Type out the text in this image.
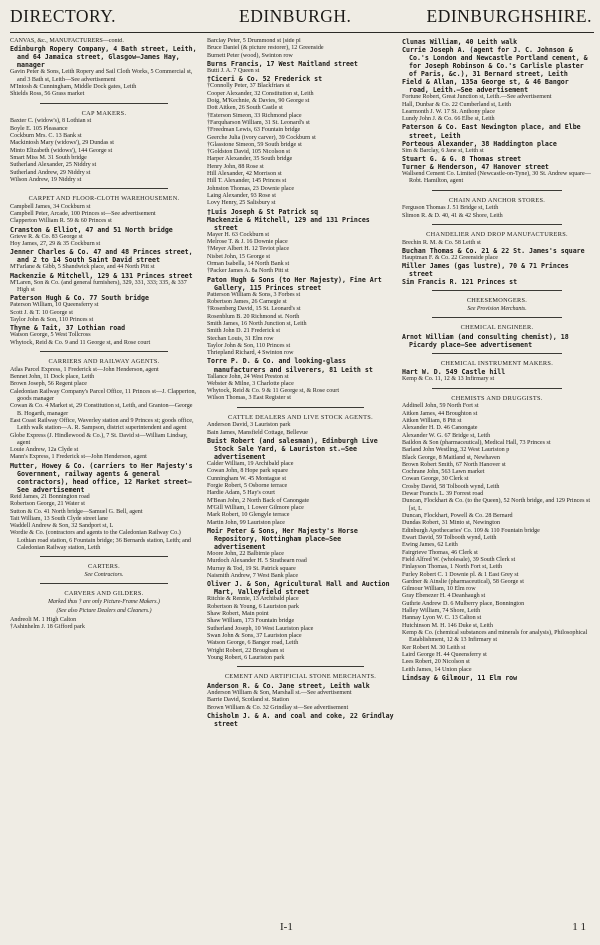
DIRECTORY.	EDINBURGH.	EDINBURGHSHIRE.
CANVAS, &c., MANUFACTURERS—contd.
Edinburgh Ropery Company, 4 Bath street, Leith, and 64 Jamaica street, Glasgow—James Hay, manager
Gavin Peter & Sons, Leith Ropery and Sail Cloth Works, 5 Commercial st, and 3 Bath st, Leith—See advertisement
M'Intosh & Cunningham, Middle Dock gates, Leith
Shields Ross, 56 Grass market
CAP MAKERS.
Baxter C. (widow's), 8 Lothian st
Boyle E. 105 Pleasance
Cockburn Mrs. C. 13 Bank st
Mackintosh Mary (widows'), 29 Dundas st
Minto Elizabeth (widows'), 144 George st
Smart Miss M. 31 South bridge
Sutherland Alexander, 25 Niddry st
Sutherland Andrew, 29 Niddry st
Wilson Andrew, 19 Niddry st
CARPET AND FLOOR-CLOTH WAREHOUSEMEN.
Campbell James, 34 Cockburn st
Campbell Peter, Arcade, 100 Princes st—See advertisement
Clapperton William R. 59 & 60 Princes st
Cranston & Elliot, 47 and 51 North bridge
Grieve R. & Co. 83 George st
Hoy James, 27, 29 & 35 Cockburn st
Jenner Charles & Co. 47 and 48 Princes street, and 2 to 14 South Saint David street
M'Farlane & Gibb, 5 Shandwick place, and 44 North Pitt st
Mackenzie & Mitchell, 129 & 131 Princes street
M'Laren, Son & Co. (and general furnishers), 329, 331, 333; 335, & 337 High st
Paterson Hugh & Co. 77 South bridge
Paterson William, 10 Queensferry st
Scott J. & T. 10 George st
Taylor John & Son, 110 Princes st
Thyne & Tait, 37 Lothian road
Watson George, 5 West Tollcross
Whytock, Reid & Co. 9 and 11 George st, and Rose court
CARRIERS AND RAILWAY AGENTS.
Atlas Parcel Express, 1 Frederick st—John Henderson, agent
Bennet John, 11 Dock place, Leith
Brown Joseph, 56 Regent place
Caledonian Railway Company's Parcel Office, 11 Princes st—J. Clapperton, goods manager
Cowan & Co. 4 Market st, 29 Constitution st, Leith, and Granton—George B. Hogarth, manager
East Coast Railway Office, Waverley station and 9 Princes st; goods office, Leith walk station—A. R. Sampson, district superintendent and agent
Globe Express (J. Hindlewood & Co.), 7 St. David st—William Lindsay, agent
Louie Andrew, 12a Clyde st
Mann's Express, 1 Frederick st—John Henderson, agent
Mutter, Howey & Co. (carriers to Her Majesty's Government, railway agents & general contractors), head office, 12 Market street—See advertisement
Reid James, 21 Bonnington road
Robertson George, 21 Water st
Sutton & Co. 41 North bridge—Samuel G. Bell, agent
Tait William, 13 South Clyde street lane
Waddell Andrew & Son, 32 Sandport st, L
Wordie & Co. (contractors and agents to the Caledonian Railway Co.) Lothian road station, 6 Fountain bridge; 36 Bernards station, Leith; and Caledonian Railway station, Leith
CARTERS.
See Contractors.
CARVERS AND GILDERS.
Marked thus † are only Picture-Frame Makers.)
(See also Picture Dealers and Cleaners.)
Andreoli M. 1 High Calton
†Ashinhelm J. 18 Gifford park
Barclay Peter, 5 Drummond st [side pl
Bruce Daniel (& picture restorer), 12 Greenside
Burnett Peter (wood), Swinton row
Burns Francis, 17 West Maitland street
Butti J. A. 7 Queen st
†Ciceri & Co. 52 Frederick st
†Connolly Peter, 37 Blackfriars st
Cooper Alexander, 32 Constitution st, Leith
Doig, M'Kechnie, & Davies, 90 George st
Dott Aitken, 26 South Castle st
†Esterson Simeon, 33 Richmond place
†Farquharson William, 31 St. Leonard's st
†Freedman Lewis, 63 Fountain bridge
Geerche Julia (ivory carver), 39 Cockburn st
†Glasstone Simeon, 59 South bridge st
†Goldston David, 105 Nicolson st
Harper Alexander, 35 South bridge
Henry John, 88 Rose st
Hill Alexander, 42 Morrison st
Hill T. Alexander, 145 Princes st
Johnston Thomas, 23 Downie place
Laing Alexander, 93 Rose st
Lovy Henry, 25 Salisbury st
†Luis Joseph & St Patrick sq
Mackenzie & Mitchell, 129 and 131 Princes street
Mayer H. 63 Cockburn st
Melrose T. & J. 16 Downie place
†Meyer Albert H. 12 Teviot place
Nisbet John, 15 George st
Orman Isabella, 14 North Bank st
†Packer James A. 8a North Pitt st
Paton Hugh & Sons (to Her Majesty), Fine Art Gallery, 115 Princes street
Patterson William & Sons, 3 Forbes st
Robertson James, 26 Carnegie st
†Rosenberg David, 15 St. Leonard's st
Rosenblum B. 20 Richmond st. North
Smith James, 16 North Junction st, Leith
Smith John D. 21 Frederick st
Stechan Louis, 31 Elm row
Taylor John & Son, 110 Princes st
Thriepland Richard, 4 Swinton row
Torre P. D. & Co. and looking-glass manufacturers and silverers, 81 Leith st
Tallance John, 24 West Preston st
Webster & Milne, 3 Charlotte place
Whytock, Reid & Co. 9 & 11 George st, & Rose court
Wilson Thomas, 3 East Register st
CATTLE DEALERS AND LIVE STOCK AGENTS.
Anderson David, 3 Lauriston park
Bain James, Mansfield Cottage, Bellevue
Buist Robert (and salesman), Edinburgh Live Stock Sale Yard, & Lauriston st.—See advertisement
Calder William, 19 Archibald place
Cowan John, 8 Hope park square
Cunningham W. 45 Montague st
Forgie Robert, 5 Osborne terrace
Hardie Adam, 5 Hay's court
M'Bean John, 2 North Back of Canongate
M'Gill William, 1 Lower Gilmore place
Mark Robert, 10 Glengyle terrace
Martin John, 99 Lauriston place
Moir Peter & Sons, Her Majesty's Horse Repository, Nottingham place—See advertisement
Moore John, 22 Balbirnie place
Murdoch Alexander H. 5 Strathearn road
Murray & Tod, 19 St. Patrick square
Naismith Andrew, 7 West Bank place
Oliver J. & Son, Agricultural Hall and Auction Mart, Valleyfield street
Ritchie & Rennie, 13 Archibald place
Robertson & Young, 6 Lauriston park
Shaw Robert, Main point
Shaw William, 173 Fountain bridge
Sutherland Joseph, 10 West Lauriston place
Swan John & Sons, 37 Lauriston place
Watson George, 6 Bangor road, Leith
Wright Robert, 22 Brougham st
Young Robert, 6 Lauriston park
CEMENT AND ARTIFICIAL STONE MERCHANTS.
Anderson R. & Co. Jane street, Leith walk
Anderson William & Son, Marshall st.—See advertisement
Barrie David, Scotland st. Station
Brown William & Co. 32 Grindlay st—See advertisement
Chisholm J. & A. and coal and coke, 22 Grindlay street
Clunas William, 40 Leith walk
Currie Joseph A. (agent for J. C. Johnson & Co.'s London and Newcastle Portland cement, & for Joseph Robinson & Co.'s Carlisle plaster of Paris, &c.), 31 Bernard street, Leith
Field & Allan, 135a George st, & 46 Bangor road, Leith.—See advertisement
Fortune Robert, Great Junction st, Leith.—See advertisement
Hall, Dunbar & Co. 22 Cumberland st, Leith
Learmonth J. W. 17 St. Anthony place
Lundy John J. & Co. 66 Elbe st, Leith
Paterson & Co. East Newington place, and Elbe street, Leith
Porteous Alexander, 38 Haddington place
Sim & Barclay, 6 Jane st, Leith st
Stuart G. & G. 8 Thomas street
Turner & Henderson, 47 Hanover street
Wallsend Cement Co. Limited (Newcastle-on-Tyne), 30 St. Andrew square—Robt. Hamilton, agent
CHAIN AND ANCHOR STORES.
Ferguson Thomas J. 51 Bridge st, Leith
Slimon R. & D. 40, 41 & 42 Shore, Leith
CHANDELIER AND DROP MANUFACTURERS.
Brechin R. M. & Co. 58 Leith st
Buchan Thomas & Co. 21 & 22 St. James's square
Hauptman F. & Co. 22 Greenside place
Miller James (gas lustre), 70 & 71 Princes street
Sim Francis R. 121 Princes st
CHEESEMONGERS.
See Provision Merchants.
CHEMICAL ENGINEER.
Arnot William (and consulting chemist), 18 Picardy place—See advertisement
CHEMICAL INSTRUMENT MAKERS.
Hart W. D. 549 Castle hill
Kemp & Co. 11, 12 & 13 Infirmary st
CHEMISTS AND DRUGGISTS.
Addinell John, 59 North Fort st
Aitken James, 44 Broughton st
Aitken William, 8 Pitt st
Alexander H. D. 46 Canongate
Alexander W. G. 67 Bridge st, Leith
Baildon & Son (pharmaceutical), Medical Hall, 73 Princes st
Barland John Westling, 32 West Lauriston p
Black George, 8 Maitland st, Newhaven
Brown Robert Smith, 67 North Hanover st
Cochrane John, 563 Lawn market
Cowan George, 30 Clerk st
Crosby David, 58 Tolbooth wynd, Leith
Dewar Francis L. 39 Forrest road
Duncan, Flockhart & Co. (to the Queen), 52 North bridge, and 129 Princes st [st, L
Duncan, Flockhart, Powell & Co. 28 Bernard
Dundas Robert, 31 Minto st, Newington
Edinburgh Apothecaries' Co. 109 & 110 Fountain bridge
Ewart David, 59 Tolbooth wynd, Leith
Ewing James, 62 Leith
Fairgrieve Thomas, 46 Clerk st
Field Alfred W. (wholesale), 39 South Clerk st
Finlayson Thomas, 1 North Fort st, Leith
Furley Robert C. 1 Downie pl. & 1 East Grey st
Gardner & Ainslie (pharmaceutical), 58 George st
Gilmour William, 10 Elm row
Gray Ebenezer H. 4 Deanhaugh st
Guthrie Andrew D. 6 Mulberry place, Bonnington
Halley William, 74 Shore, Leith
Hannay Lyon W. C. 13 Calton st
Hutchinson M. H. 146 Duke st, Leith
Kemp & Co. (chemical substances and minerals for analysis), Philosophical Establishment, 12 & 13 Infirmary st
Ker Robert M. 30 Leith st
Laird George H. 44 Queensferry st
Lees Robert, 20 Nicolson st
Leith James, 14 Union place
Lindsay & Gilmour, 11 Elm row
I-1	1 1
